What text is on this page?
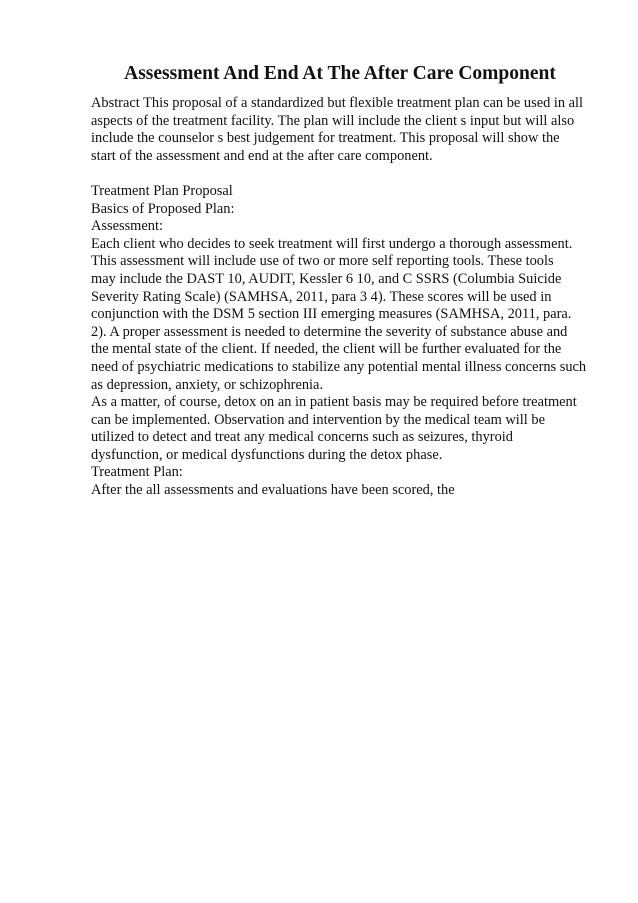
Assessment And End At The After Care Component
Abstract This proposal of a standardized but flexible treatment plan can be used in all
aspects of the treatment facility. The plan will include the client s input but will also
include the counselor s best judgement for treatment. This proposal will show the
start of the assessment and end at the after care component.
Treatment Plan Proposal
Basics of Proposed Plan:
Assessment:
Each client who decides to seek treatment will first undergo a thorough assessment.
This assessment will include use of two or more self reporting tools. These tools
may include the DAST 10, AUDIT, Kessler 6 10, and C SSRS (Columbia Suicide
Severity Rating Scale) (SAMHSA, 2011, para 3 4). These scores will be used in
conjunction with the DSM 5 section III emerging measures (SAMHSA, 2011, para.
2). A proper assessment is needed to determine the severity of substance abuse and
the mental state of the client. If needed, the client will be further evaluated for the
need of psychiatric medications to stabilize any potential mental illness concerns such
as depression, anxiety, or schizophrenia.
As a matter, of course, detox on an in patient basis may be required before treatment
can be implemented. Observation and intervention by the medical team will be
utilized to detect and treat any medical concerns such as seizures, thyroid
dysfunction, or medical dysfunctions during the detox phase.
Treatment Plan:
After the all assessments and evaluations have been scored, the
